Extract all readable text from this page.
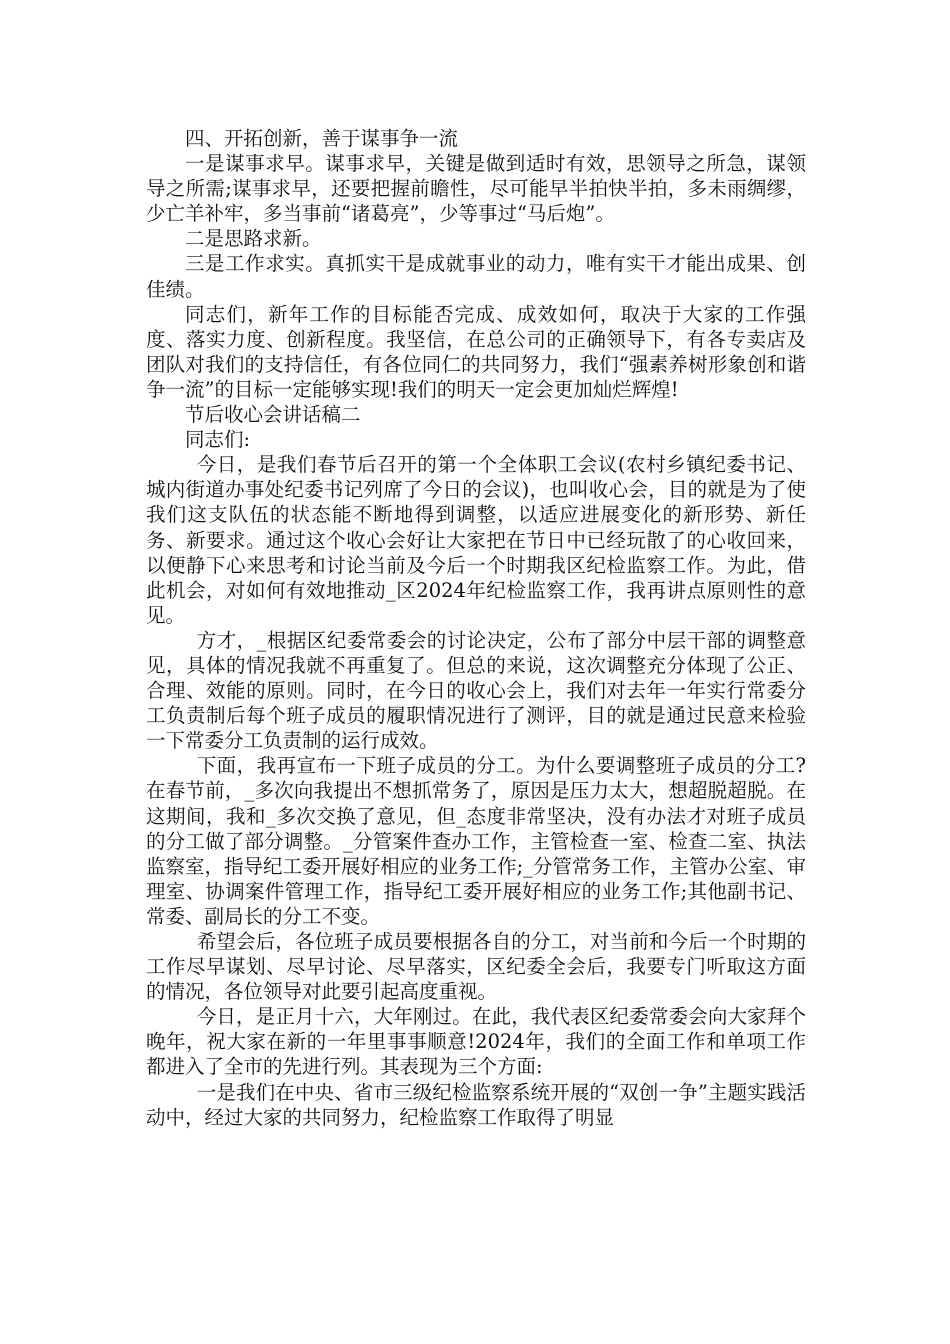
四、开拓创新，善于谋事争一流

一是谋事求早。谋事求早，关键是做到适时有效，思领导之所急，谋领导之所需;谋事求早，还要把握前瞻性，尽可能早半拍快半拍，多未雨绸缪，少亡羊补牢，多当事前“诸葛亮”，少等事过“马后炮”。

二是思路求新。

三是工作求实。真抓实干是成就事业的动力，唯有实干才能出成果、创佳绩。

同志们，新年工作的目标能否完成、成效如何，取决于大家的工作强度、落实力度、创新程度。我坚信，在总公司的正确领导下，有各专卖店及团队对我们的支持信任，有各位同仁的共同努力，我们“强素养树形象创和谐争一流”的目标一定能够实现!我们的明天一定会更加灿烂辉煌!

节后收心会讲话稿二

同志们:

今日，是我们春节后召开的第一个全体职工会议(农村乡镇纪委书记、城内街道办事处纪委书记列席了今日的会议)，也叫收心会，目的就是为了使我们这支队伍的状态能不断地得到调整，以适应进展变化的新形势、新任务、新要求。通过这个收心会好让大家把在节日中已经玩散了的心收回来，以便静下心来思考和讨论当前及今后一个时期我区纪检监察工作。为此，借此机会，对如何有效地推动_区2024年纪检监察工作，我再讲点原则性的意见。

方才，_根据区纪委常委会的讨论决定，公布了部分中层干部的调整意见，具体的情况我就不再重复了。但总的来说，这次调整充分体现了公正、合理、效能的原则。同时，在今日的收心会上，我们对去年一年实行常委分工负责制后每个班子成员的履职情况进行了测评，目的就是通过民意来检验一下常委分工负责制的运行成效。

下面，我再宣布一下班子成员的分工。为什么要调整班子成员的分工?在春节前，_多次向我提出不想抓常务了，原因是压力太大，想超脱超脱。在这期间，我和_多次交换了意见，但_态度非常坚决，没有办法才对班子成员的分工做了部分调整。_分管案件查办工作，主管检查一室、检查二室、执法监察室，指导纪工委开展好相应的业务工作;_分管常务工作，主管办公室、审理室、协调案件管理工作，指导纪工委开展好相应的业务工作;其他副书记、常委、副局长的分工不变。

希望会后，各位班子成员要根据各自的分工，对当前和今后一个时期的工作尽早谋划、尽早讨论、尽早落实，区纪委全会后，我要专门听取这方面的情况，各位领导对此要引起高度重视。

今日，是正月十六，大年刚过。在此，我代表区纪委常委会向大家拜个晚年，祝大家在新的一年里事事顺意!2024年，我们的全面工作和单项工作都进入了全市的先进行列。其表现为三个方面:

一是我们在中央、省市三级纪检监察系统开展的“双创一争”主题实践活动中，经过大家的共同努力，纪检监察工作取得了明显
